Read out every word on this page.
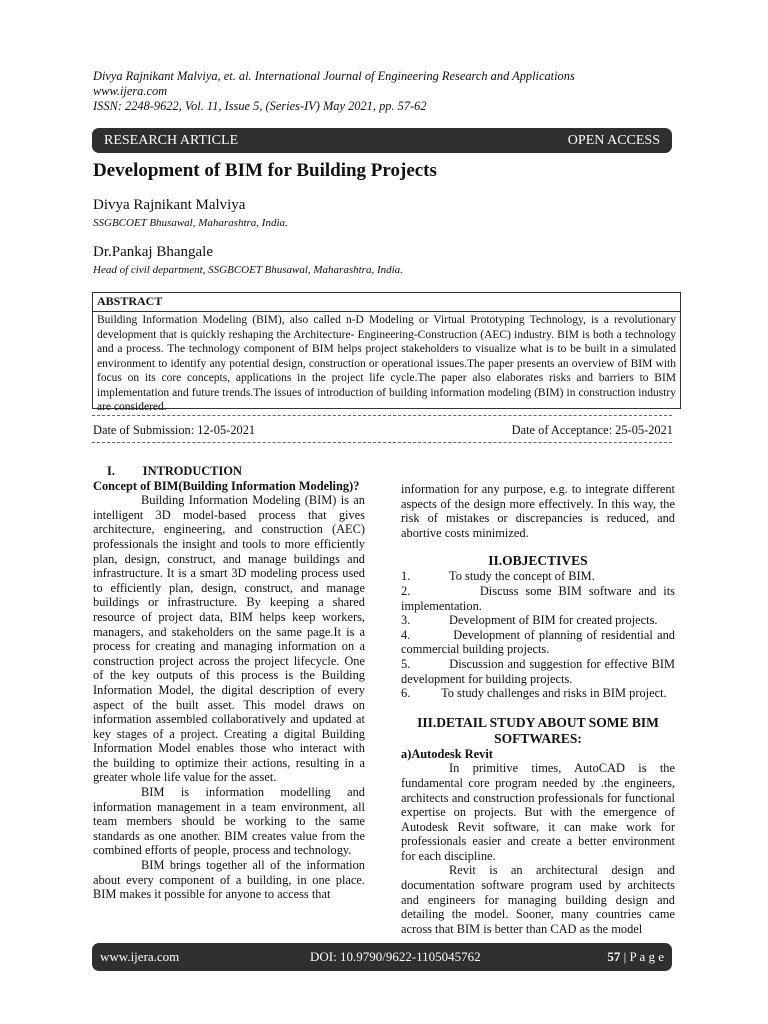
Divya Rajnikant Malviya, et. al. International Journal of Engineering Research and Applications
www.ijera.com
ISSN: 2248-9622, Vol. 11, Issue 5, (Series-IV) May 2021, pp. 57-62
RESEARCH ARTICLE	OPEN ACCESS
Development of BIM for Building Projects
Divya Rajnikant Malviya
SSGBCOET Bhusawal, Maharashtra, India.
Dr.Pankaj Bhangale
Head of civil department, SSGBCOET Bhusawal, Maharashtra, India.
ABSTRACT
Building Information Modeling (BIM), also called n-D Modeling or Virtual Prototyping Technology, is a revolutionary development that is quickly reshaping the Architecture- Engineering-Construction (AEC) industry. BIM is both a technology and a process. The technology component of BIM helps project stakeholders to visualize what is to be built in a simulated environment to identify any potential design, construction or operational issues.The paper presents an overview of BIM with focus on its core concepts, applications in the project life cycle.The paper also elaborates risks and barriers to BIM implementation and future trends.The issues of introduction of building information modeling (BIM) in construction industry are considered.
Date of Submission: 12-05-2021	Date of Acceptance: 25-05-2021

I.         INTRODUCTION

Concept of BIM(Building Information Modeling)?

Building Information Modeling (BIM) is an intelligent 3D model-based process that gives architecture, engineering, and construction (AEC) professionals the insight and tools to more efficiently plan, design, construct, and manage buildings and infrastructure. It is a smart 3D modeling process used to efficiently plan, design, construct, and manage buildings or infrastructure. By keeping a shared resource of project data, BIM helps keep workers, managers, and stakeholders on the same page.It is a process for creating and managing information on a construction project across the project lifecycle. One of the key outputs of this process is the Building Information Model, the digital description of every aspect of the built asset. This model draws on information assembled collaboratively and updated at key stages of a project. Creating a digital Building Information Model enables those who interact with the building to optimize their actions, resulting in a greater whole life value for the asset.

BIM is information modelling and information management in a team environment, all team members should be working to the same standards as one another. BIM creates value from the combined efforts of people, process and technology.

BIM brings together all of the information about every component of a building, in one place. BIM makes it possible for anyone to access that

information for any purpose, e.g. to integrate different aspects of the design more effectively. In this way, the risk of mistakes or discrepancies is reduced, and abortive costs minimized.

II.OBJECTIVES

1.	To study the concept of BIM.

2.	Discuss some BIM software and its implementation.

3.	Development of BIM for created projects.

4.	Development of planning of residential and commercial building projects.

5.	Discussion and suggestion for effective BIM development for building projects.

6. To study challenges and risks in BIM project.

III.DETAIL STUDY ABOUT SOME BIM SOFTWARES:

a)Autodesk Revit

In primitive times, AutoCAD is the fundamental core program needed by .the engineers, architects and construction professionals for functional expertise on projects. But with the emergence of Autodesk Revit software, it can make work for professionals easier and create a better environment for each discipline.

Revit is an architectural design and documentation software program used by architects and engineers for managing building design and detailing the model. Sooner, many countries came across that BIM is better than CAD as the model

www.ijera.com	DOI: 10.9790/9622-1105045762	57 | P a g e
